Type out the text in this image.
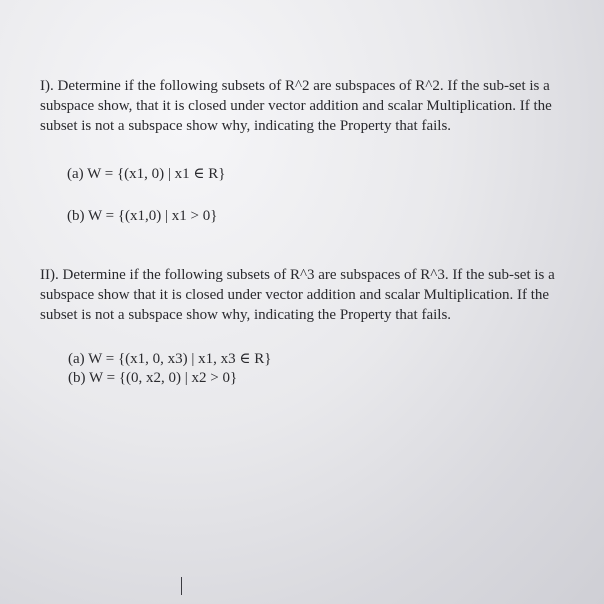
I). Determine if the following subsets of R^2 are subspaces of R^2. If the sub-set is a subspace show, that it is closed under vector addition and scalar Multiplication. If the subset is not a subspace show why, indicating the Property that fails.

(a) W = {(x1, 0) | x1 ∈ R}
(b) W = {(x1,0) | x1 > 0}

II). Determine if the following subsets of R^3 are subspaces of R^3. If the sub-set is a subspace show that it is closed under vector addition and scalar Multiplication. If the subset is not a subspace show why, indicating the Property that fails.

(a) W = {(x1, 0, x3) | x1, x3 ∈ R}
(b) W = {(0, x2, 0) | x2 > 0}
